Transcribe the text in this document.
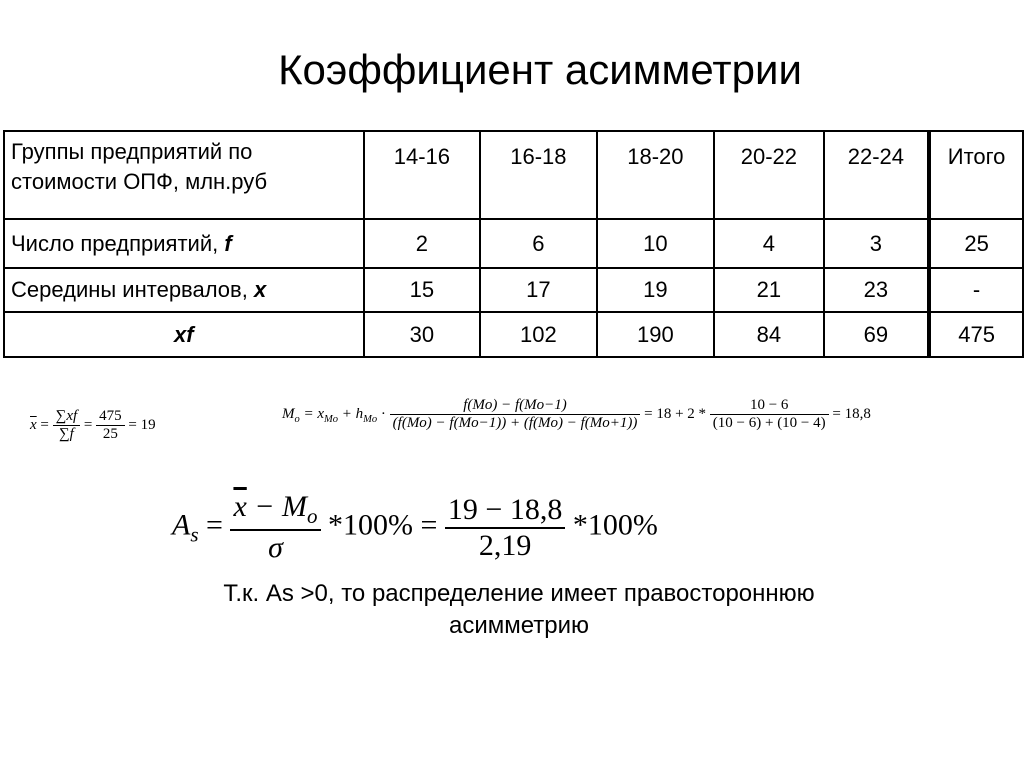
Коэффициент асимметрии
Группы предприятий по
стоимости ОПФ, млн.руб	14-16	16-18	18-20	20-22	22-24	Итого
Число предприятий, f	2	6	10	4	3	25
Середины интервалов, x	15	17	19	21	23	-
xf	30	102	190	84	69	475
$\overline{x} = \frac{\sum xf}{\sum f} = \frac{475}{25} = 19$
$M_o = x_{Mo} + h_{Mo} \cdot \frac{f(Mo) - f(Mo-1)}{(f(Mo) - f(Mo-1)) + (f(Mo) - f(Mo+1))} = 18 + 2 * \frac{10 - 6}{(10 - 6) + (10 - 4)} = 18,8$
$A_s = \frac{\overline{x} - M_o}{\sigma} *100\% = \frac{19 - 18,8}{2,19} *100\%$
Т.к. As >0, то распределение имеет правостороннюю
асимметрию
